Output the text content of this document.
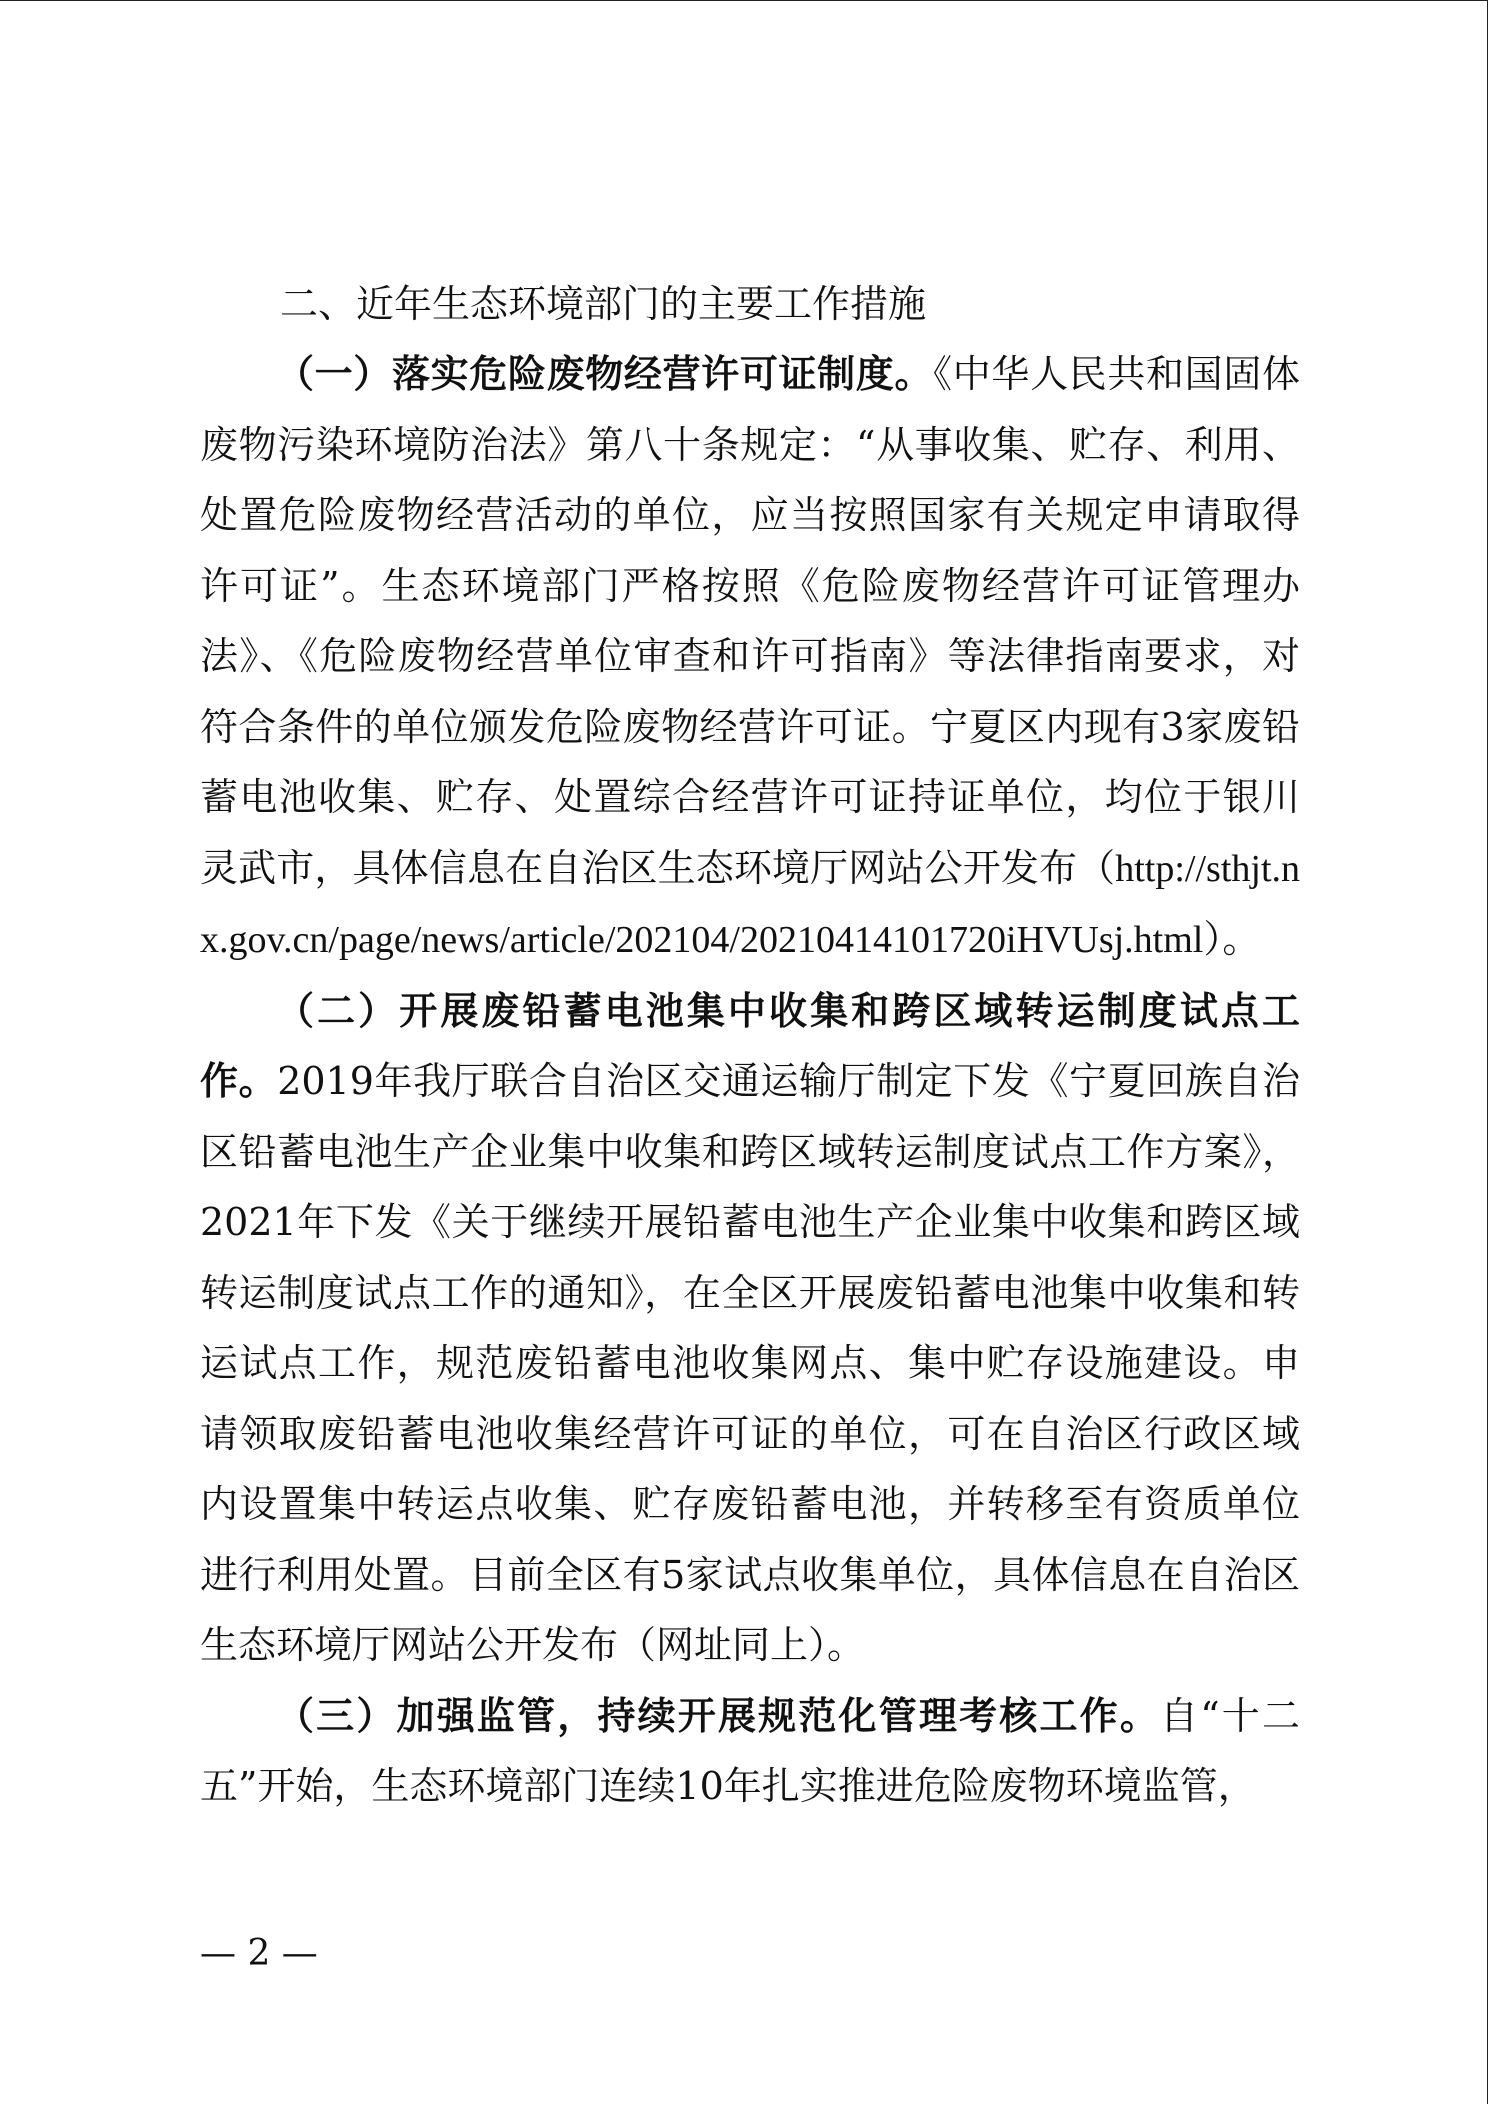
二、近年生态环境部门的主要工作措施

（一）落实危险废物经营许可证制度。《中华人民共和国固体废物污染环境防治法》第八十条规定：“从事收集、贮存、利用、处置危险废物经营活动的单位，应当按照国家有关规定申请取得许可证”。生态环境部门严格按照《危险废物经营许可证管理办法》、《危险废物经营单位审查和许可指南》等法律指南要求，对符合条件的单位颁发危险废物经营许可证。宁夏区内现有3家废铅蓄电池收集、贮存、处置综合经营许可证持证单位，均位于银川灵武市，具体信息在自治区生态环境厅网站公开发布（http://sthjt.nx.gov.cn/page/news/article/202104/20210414101720iHVUsj.html）。

（二）开展废铅蓄电池集中收集和跨区域转运制度试点工作。2019年我厅联合自治区交通运输厅制定下发《宁夏回族自治区铅蓄电池生产企业集中收集和跨区域转运制度试点工作方案》，2021年下发《关于继续开展铅蓄电池生产企业集中收集和跨区域转运制度试点工作的通知》，在全区开展废铅蓄电池集中收集和转运试点工作，规范废铅蓄电池收集网点、集中贮存设施建设。申请领取废铅蓄电池收集经营许可证的单位，可在自治区行政区域内设置集中转运点收集、贮存废铅蓄电池，并转移至有资质单位进行利用处置。目前全区有5家试点收集单位，具体信息在自治区生态环境厅网站公开发布（网址同上）。

（三）加强监管，持续开展规范化管理考核工作。自“十二五”开始，生态环境部门连续10年扎实推进危险废物环境监管，

— 2 —
